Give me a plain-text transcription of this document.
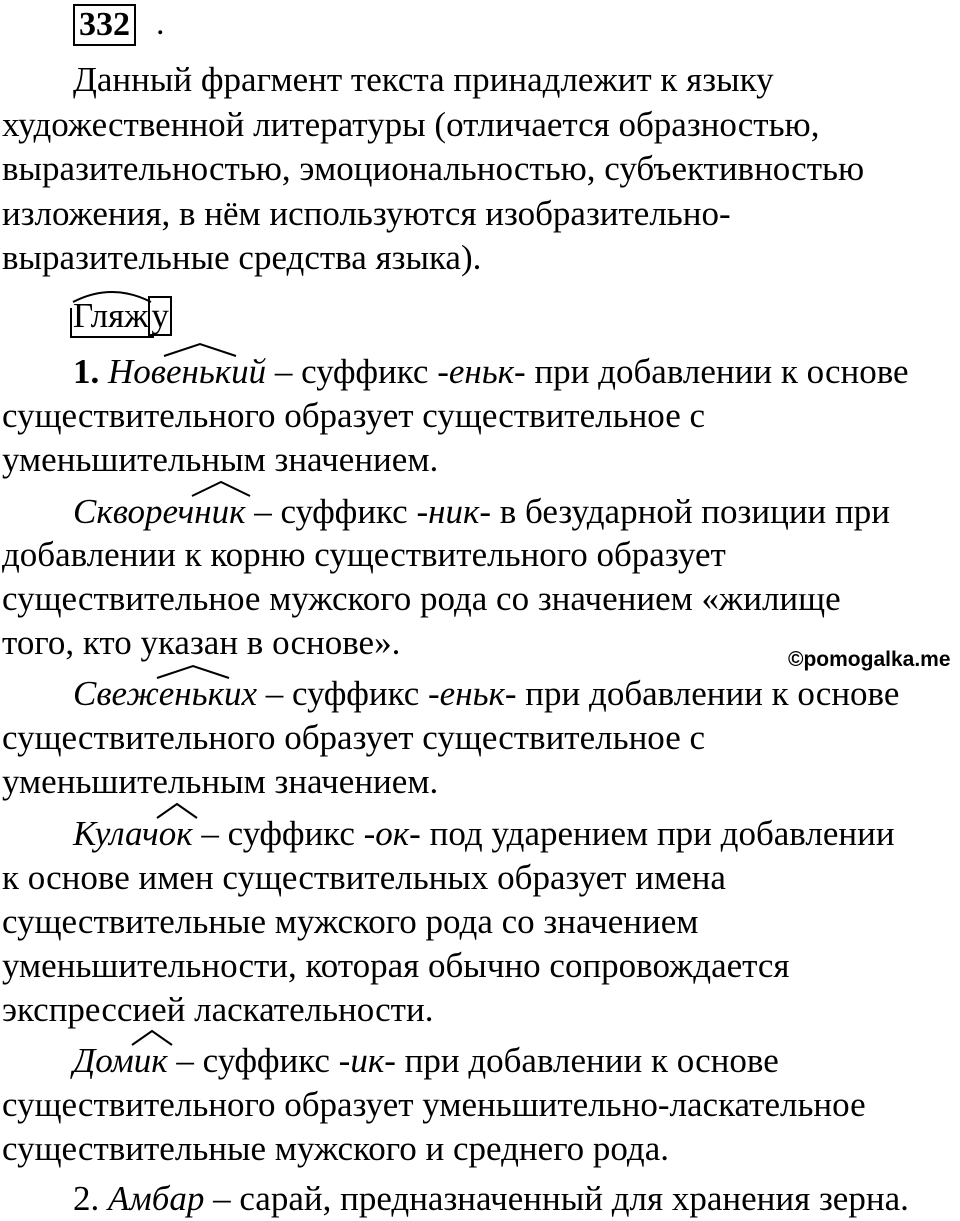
332 .
Данный фрагмент текста принадлежит к языку
художественной литературы (отличается образностью,
выразительностью, эмоциональностью, субъективностью
изложения, в нём используются изобразительно-
выразительные средства языка).
Гляж
у
1. Новеньк
ий – суффикс -еньк- при добавлении к основе
существительного образует существительное с
уменьшительным значением.
Скворечник
– суффикс -ник- в безударной позиции при
добавлении к корню существительного образует
существительное мужского рода со значением «жилище
того, кто указан в основе».	©pomogalka.me
Свеженьк
их – суффикс -еньк- при добавлении к основе
существительного образует существительное с
уменьшительным значением.
Кулачок
– суффикс -ок- под ударением при добавлении
к основе имен существительных образует имена
существительные мужского рода со значением
уменьшительности, которая обычно сопровождается
экспрессией ласкательности.
Домик
– суффикс -ик- при добавлении к основе
существительного образует уменьшительно-ласкательное
существительные мужского и среднего рода.
2. Амбар – сарай, предназначенный для хранения зерна.
